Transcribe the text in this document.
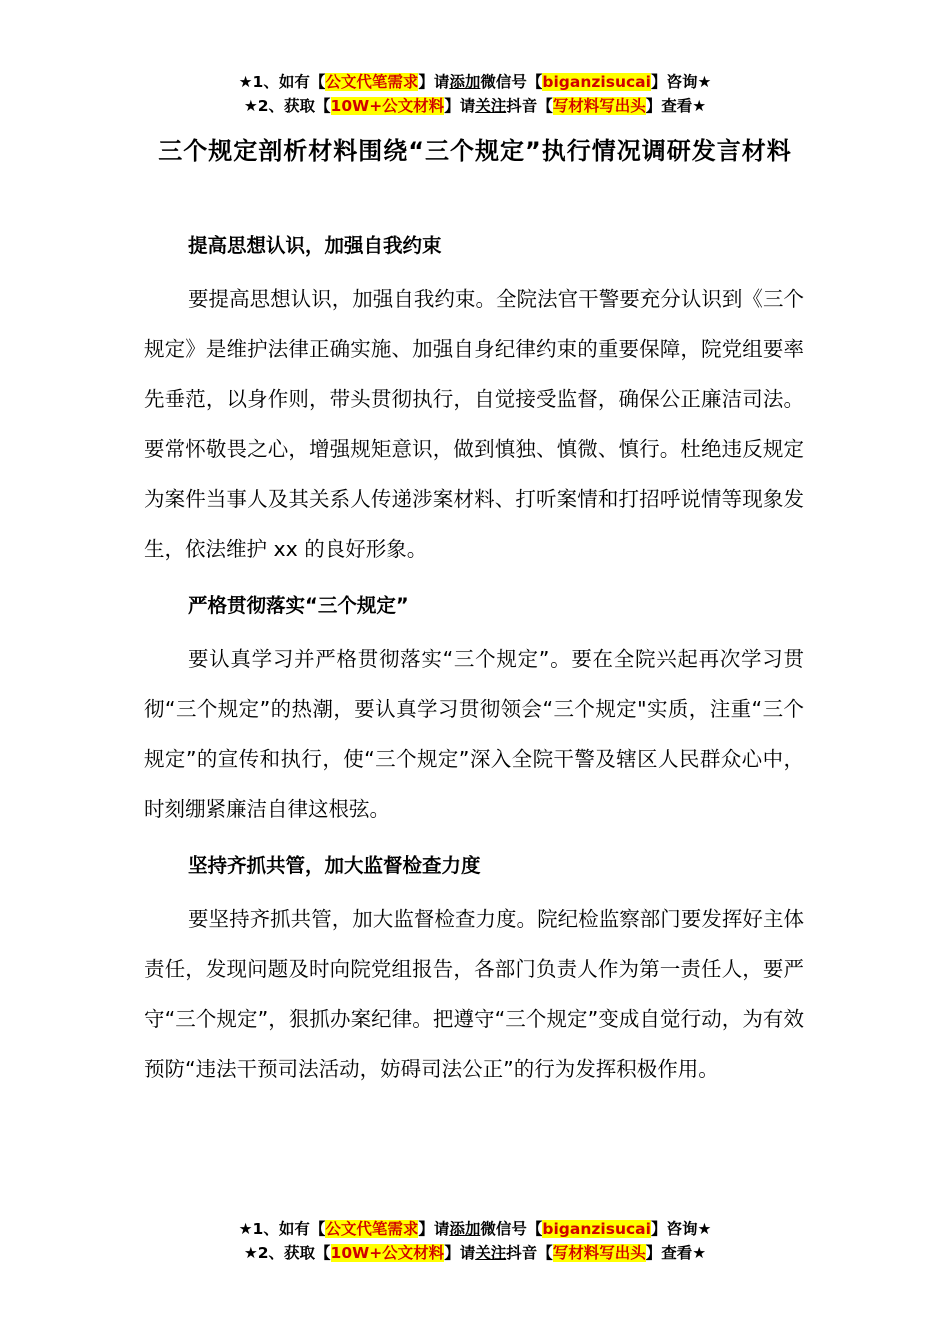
★1、如有【公文代笔需求】请添加微信号【biganzisucai】咨询★
★2、获取【10W+公文材料】请关注抖音【写材料写出头】查看★
三个规定剖析材料围绕“三个规定”执行情况调研发言材料
提高思想认识，加强自我约束
要提高思想认识，加强自我约束。全院法官干警要充分认识到《三个规定》是维护法律正确实施、加强自身纪律约束的重要保障，院党组要率先垂范，以身作则，带头贯彻执行，自觉接受监督，确保公正廉洁司法。要常怀敬畏之心，增强规矩意识，做到慎独、慎微、慎行。杜绝违反规定为案件当事人及其关系人传递涉案材料、打听案情和打招呼说情等现象发生，依法维护 xx 的良好形象。
严格贯彻落实“三个规定”
要认真学习并严格贯彻落实“三个规定”。要在全院兴起再次学习贯彻“三个规定”的热潮，要认真学习贯彻领会“三个规定"实质，注重“三个规定”的宣传和执行，使“三个规定”深入全院干警及辖区人民群众心中，时刻绷紧廉洁自律这根弦。
坚持齐抓共管，加大监督检查力度
要坚持齐抓共管，加大监督检查力度。院纪检监察部门要发挥好主体责任，发现问题及时向院党组报告，各部门负责人作为第一责任人，要严守“三个规定”，狠抓办案纪律。把遵守“三个规定”变成自觉行动，为有效预防“违法干预司法活动，妨碍司法公正”的行为发挥积极作用。
★1、如有【公文代笔需求】请添加微信号【biganzisucai】咨询★
★2、获取【10W+公文材料】请关注抖音【写材料写出头】查看★
